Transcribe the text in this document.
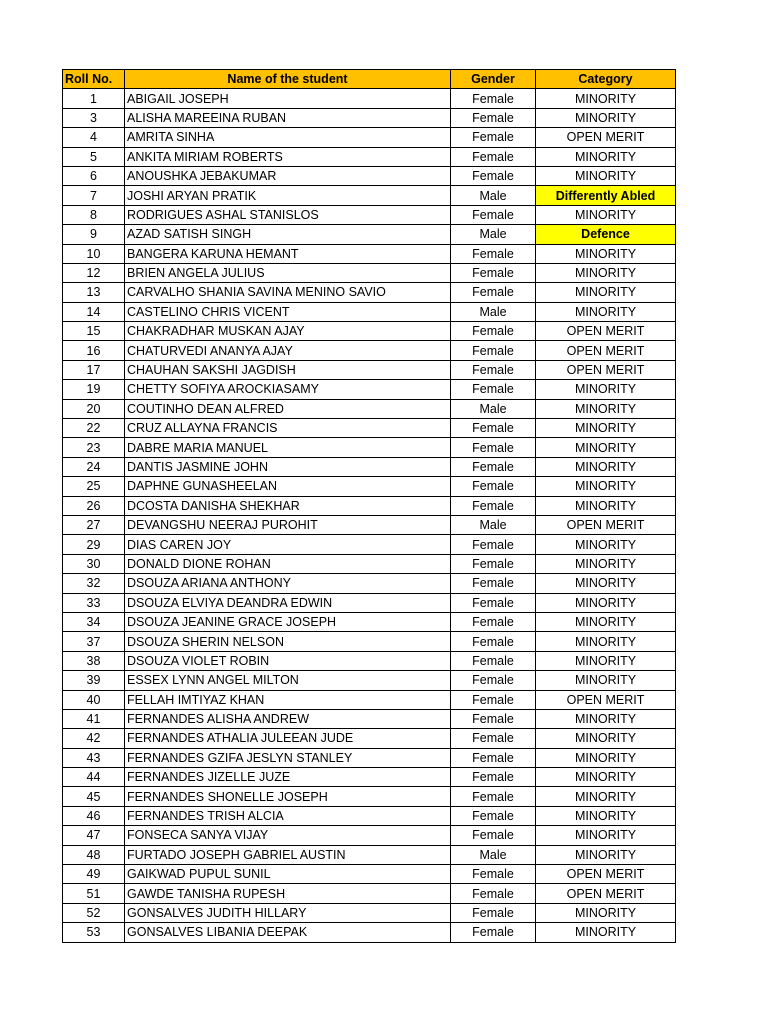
Roll No.	Name of the student	Gender	Category
1	ABIGAIL JOSEPH	Female	MINORITY
3	ALISHA MAREEINA RUBAN	Female	MINORITY
4	AMRITA SINHA	Female	OPEN MERIT
5	ANKITA MIRIAM ROBERTS	Female	MINORITY
6	ANOUSHKA JEBAKUMAR	Female	MINORITY
7	JOSHI ARYAN PRATIK	Male	Differently Abled
8	RODRIGUES ASHAL STANISLOS	Female	MINORITY
9	AZAD SATISH SINGH	Male	Defence
10	BANGERA KARUNA HEMANT	Female	MINORITY
12	BRIEN ANGELA JULIUS	Female	MINORITY
13	CARVALHO SHANIA SAVINA MENINO SAVIO	Female	MINORITY
14	CASTELINO CHRIS VICENT	Male	MINORITY
15	CHAKRADHAR MUSKAN AJAY	Female	OPEN MERIT
16	CHATURVEDI ANANYA AJAY	Female	OPEN MERIT
17	CHAUHAN SAKSHI JAGDISH	Female	OPEN MERIT
19	CHETTY SOFIYA AROCKIASAMY	Female	MINORITY
20	COUTINHO DEAN ALFRED	Male	MINORITY
22	CRUZ ALLAYNA FRANCIS	Female	MINORITY
23	DABRE MARIA MANUEL	Female	MINORITY
24	DANTIS JASMINE JOHN	Female	MINORITY
25	DAPHNE GUNASHEELAN	Female	MINORITY
26	DCOSTA DANISHA SHEKHAR	Female	MINORITY
27	DEVANGSHU NEERAJ PUROHIT	Male	OPEN MERIT
29	DIAS CAREN JOY	Female	MINORITY
30	DONALD DIONE ROHAN	Female	MINORITY
32	DSOUZA ARIANA ANTHONY	Female	MINORITY
33	DSOUZA ELVIYA DEANDRA EDWIN	Female	MINORITY
34	DSOUZA JEANINE GRACE JOSEPH	Female	MINORITY
37	DSOUZA SHERIN NELSON	Female	MINORITY
38	DSOUZA VIOLET ROBIN	Female	MINORITY
39	ESSEX LYNN ANGEL MILTON	Female	MINORITY
40	FELLAH IMTIYAZ KHAN	Female	OPEN MERIT
41	FERNANDES ALISHA ANDREW	Female	MINORITY
42	FERNANDES ATHALIA JULEEAN JUDE	Female	MINORITY
43	FERNANDES GZIFA JESLYN STANLEY	Female	MINORITY
44	FERNANDES JIZELLE JUZE	Female	MINORITY
45	FERNANDES SHONELLE JOSEPH	Female	MINORITY
46	FERNANDES TRISH ALCIA	Female	MINORITY
47	FONSECA SANYA VIJAY	Female	MINORITY
48	FURTADO JOSEPH GABRIEL AUSTIN	Male	MINORITY
49	GAIKWAD PUPUL SUNIL	Female	OPEN MERIT
51	GAWDE TANISHA RUPESH	Female	OPEN MERIT
52	GONSALVES JUDITH HILLARY	Female	MINORITY
53	GONSALVES LIBANIA DEEPAK	Female	MINORITY
